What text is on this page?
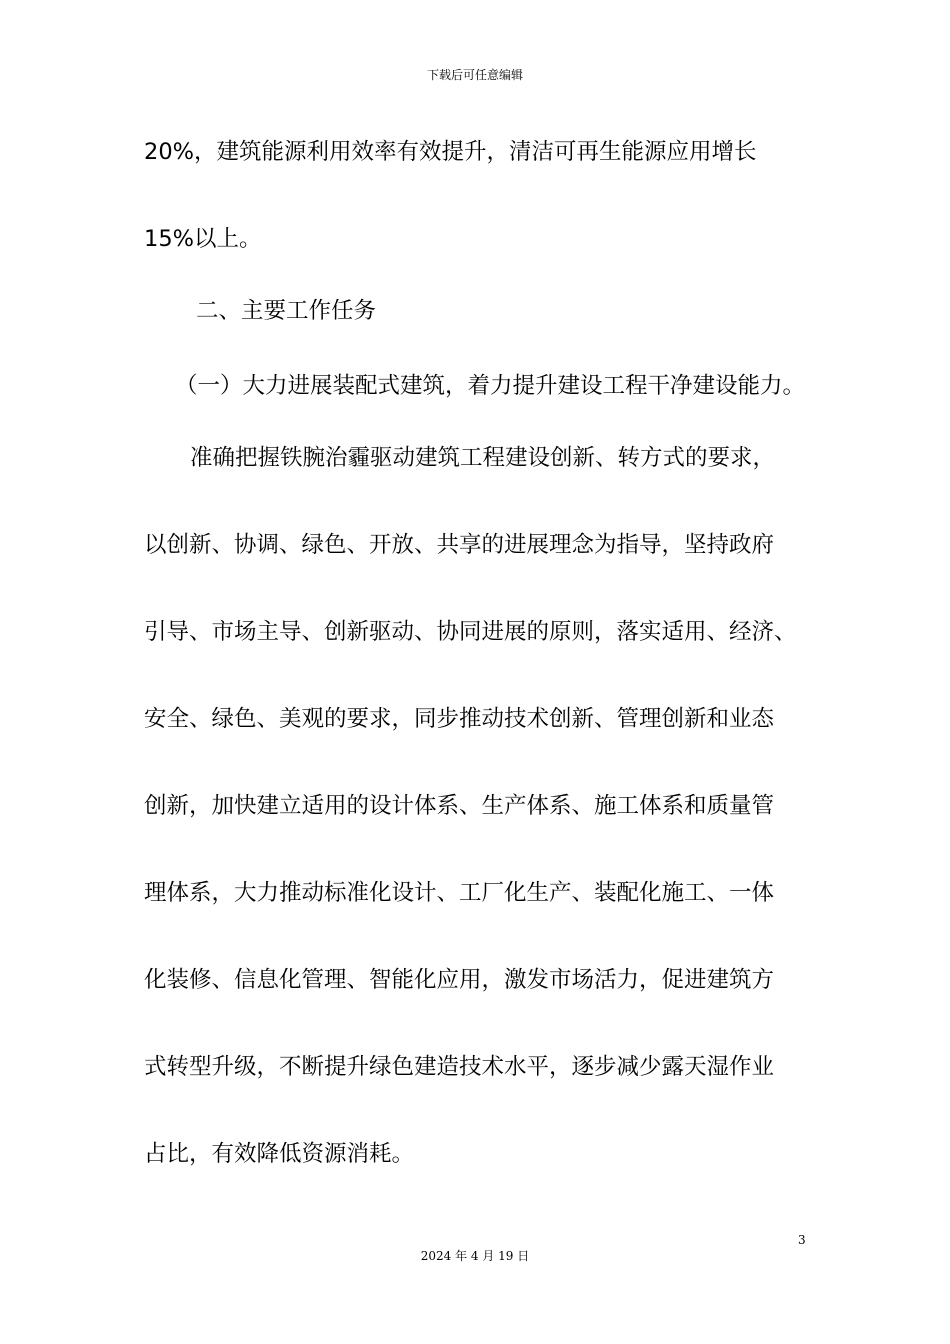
下载后可任意编辑
20%，建筑能源利用效率有效提升，清洁可再生能源应用增长
15%以上。
二、主要工作任务
（一）大力进展装配式建筑，着力提升建设工程干净建设能力。
准确把握铁腕治霾驱动建筑工程建设创新、转方式的要求，
以创新、协调、绿色、开放、共享的进展理念为指导，坚持政府
引导、市场主导、创新驱动、协同进展的原则，落实适用、经济、
安全、绿色、美观的要求，同步推动技术创新、管理创新和业态
创新，加快建立适用的设计体系、生产体系、施工体系和质量管
理体系，大力推动标准化设计、工厂化生产、装配化施工、一体
化装修、信息化管理、智能化应用，激发市场活力，促进建筑方
式转型升级，不断提升绿色建造技术水平，逐步减少露天湿作业
占比，有效降低资源消耗。
3
2024 年 4 月 19 日
